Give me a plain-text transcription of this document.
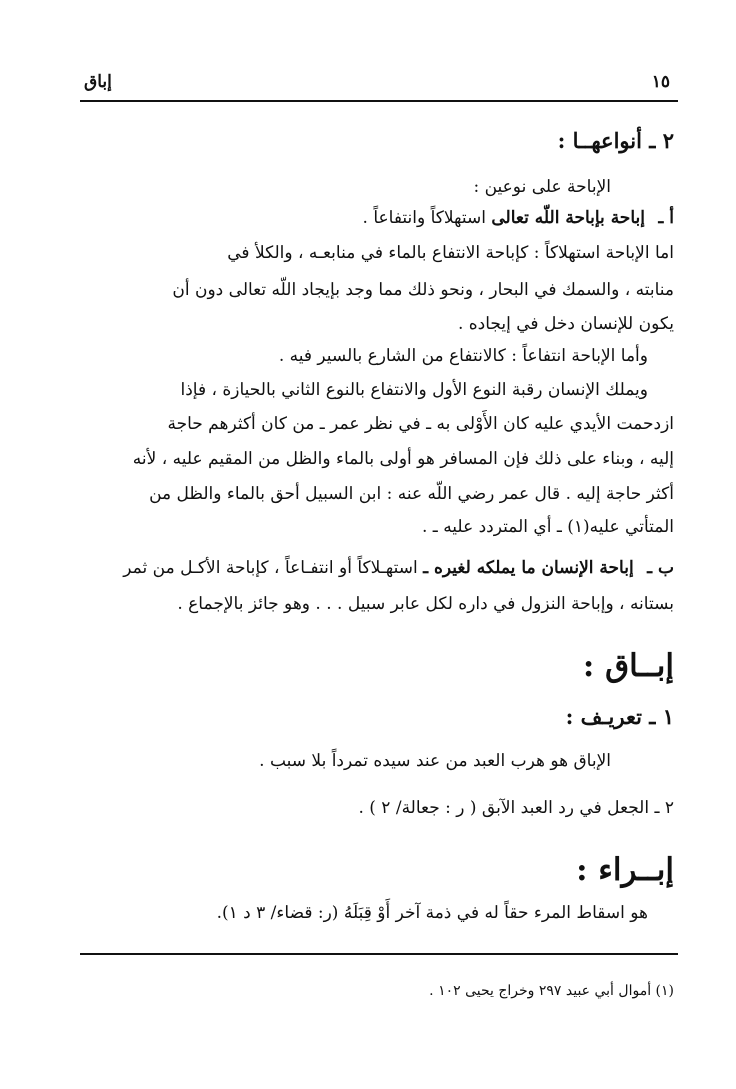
١٥
إباق
٢ ـ أنواعهــا :
الإباحة على نوعين :
أ ـ إباحة بإباحة اللّه تعالى استهلاكاً وانتفاعاً .
اما الإباحة استهلاكاً : كإباحة الانتفاع بالماء في منابعـه ، والكلأ في
منابته ، والسمك في البحار ، ونحو ذلك مما وجد بإيجاد اللّه تعالى دون أن
يكون للإنسان دخل في إيجاده .
وأما الإباحة انتفاعاً : كالانتفاع من الشارع بالسير فيه .
ويملك الإنسان رقبة النوع الأول والانتفاع بالنوع الثاني بالحيازة ، فإذا
ازدحمت الأيدي عليه كان الأَوْلى به ـ في نظر عمر ـ من كان أكثرهم حاجة
إليه ، وبناء على ذلك فإن المسافر هو أولى بالماء والظل من المقيم عليه ، لأنه
أكثر حاجة إليه . قال عمر رضي اللّه عنه : ابن السبيل أحق بالماء والظل من
المتأتي عليه(١) ـ أي المتردد عليه ـ .
ب ـ إباحة الإنسان ما يملكه لغيره ـ استهـلاكاً أو انتفـاعاً ، كإباحة الأكـل من ثمر
بستانه ، وإباحة النزول في داره لكل عابر سبيل . . . وهو جائز بالإجماع .
إبــاق :
١ ـ تعريـف :
الإباق هو هرب العبد من عند سيده تمرداً بلا سبب .
٢ ـ الجعل في رد العبد الآبق ( ر : جعالة/ ٢ ) .
إبــراء :
هو اسقاط المرء حقاً له في ذمة آخر أَوْ قِبَلَهُ (ر: قضاء/ ٣ د ١).
(١) أموال أبي عبيد ٢٩٧ وخراج يحيى ١٠٢ .
